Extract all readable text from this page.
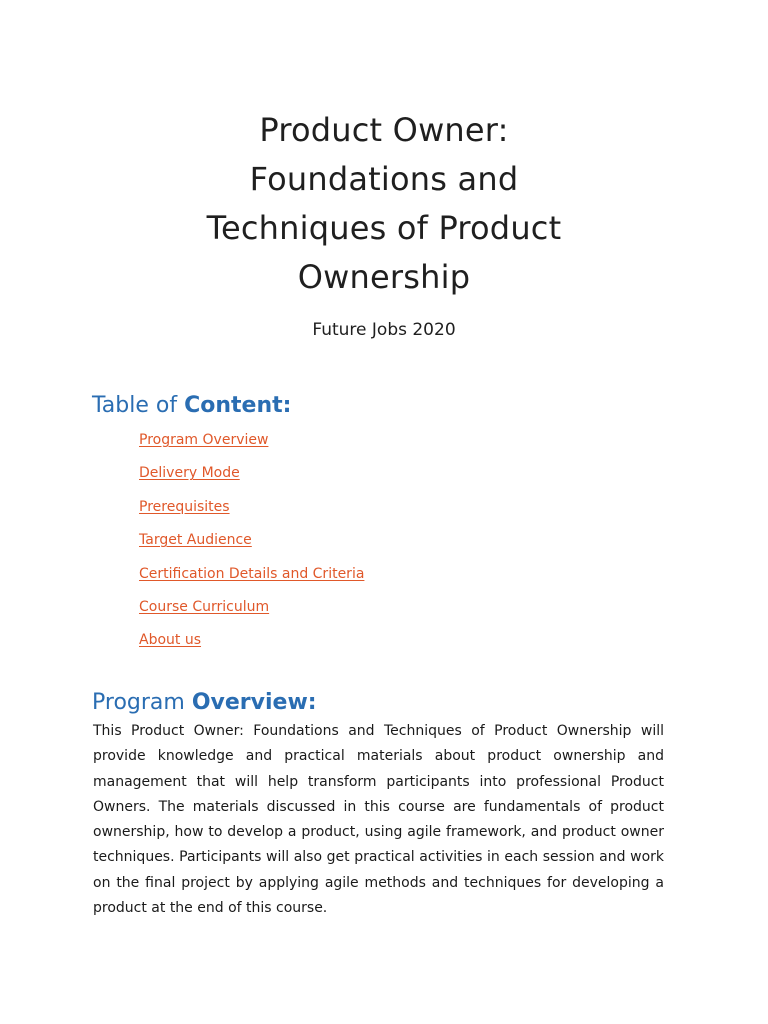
Product Owner:
Foundations and
Techniques of Product
Ownership
Future Jobs 2020
Table of Content:
Program Overview
Delivery Mode
Prerequisites
Target Audience
Certification Details and Criteria
Course Curriculum
About us
Program Overview:

This Product Owner: Foundations and Techniques of Product Ownership will provide knowledge and practical materials about product ownership and management that will help transform participants into professional Product Owners. The materials discussed in this course are fundamentals of product ownership, how to develop a product, using agile framework, and product owner techniques. Participants will also get practical activities in each session and work on the final project by applying agile methods and techniques for developing a product at the end of this course.
